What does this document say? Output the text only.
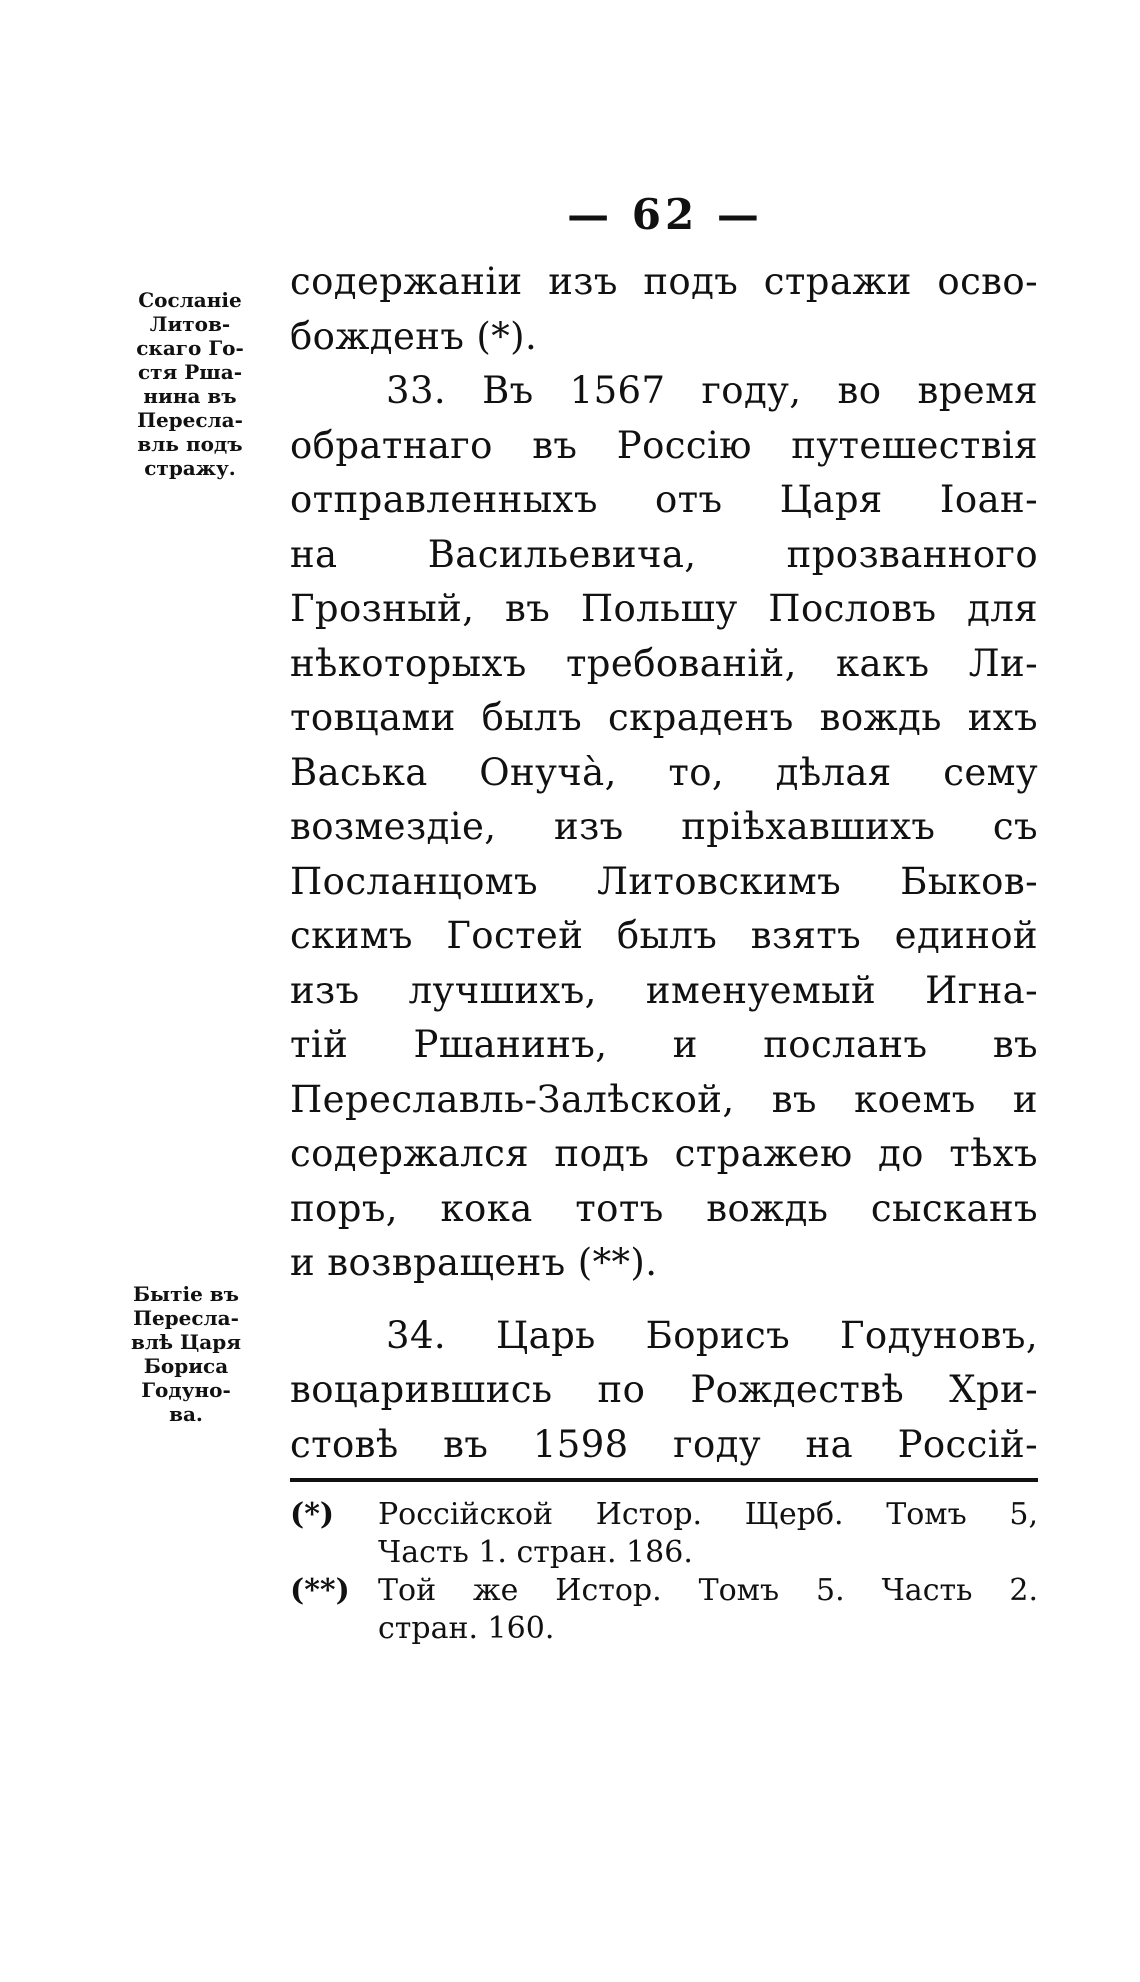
— 62 —
Сосланіе
Литов-
скаго Го-
стя Рша-
нина въ
Пересла-
вль подъ
стражу.
Бытіе въ
Пересла-
влѣ Царя
Бориса
Годуно-
ва.
содержаніи изъ подъ стражи осво-
божденъ (*).
33. Въ 1567 году, во время
обратнаго въ Россію путешествія
отправленныхъ отъ Царя Іоан-
на Васильевича, прозванного
Грозный, въ Польшу Пословъ для
нѣкоторыхъ требованій, какъ Ли-
товцами былъ скраденъ вождь ихъ
Васька Онучà, то, дѣлая сему
возмездіе, изъ пріѣхавшихъ съ
Посланцомъ Литовскимъ Быков-
скимъ Гостей былъ взятъ единой
изъ лучшихъ, именуемый Игна-
тій Ршанинъ, и посланъ въ
Переславль-Залѣской, въ коемъ и
содержался подъ стражею до тѣхъ
поръ, кока тотъ вождь сысканъ
и возвращенъ (**).
34. Царь Борисъ Годуновъ,
воцарившись по Рождествѣ Хри-
стовѣ въ 1598 году на Россій-
(*)	Россійской Истор. Щерб. Томъ 5,
Часть 1. стран. 186.
(**) Той же Истор. Томъ 5. Часть 2.
стран. 160.
